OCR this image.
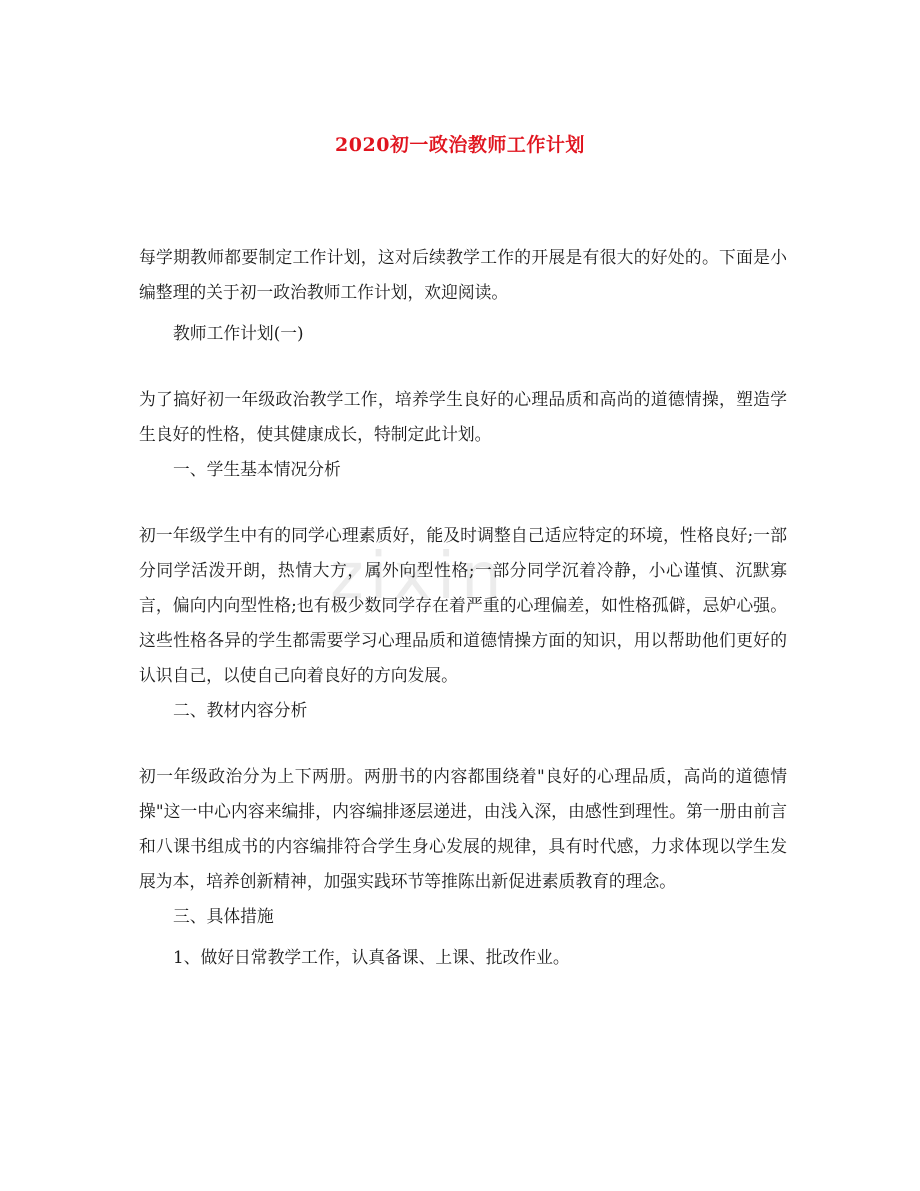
2020初一政治教师工作计划
zixin

每学期教师都要制定工作计划，这对后续教学工作的开展是有很大的好处的。下面是小编整理的关于初一政治教师工作计划，欢迎阅读。

教师工作计划(一)

为了搞好初一年级政治教学工作，培养学生良好的心理品质和高尚的道德情操，塑造学生良好的性格，使其健康成长，特制定此计划。

一、学生基本情况分析

初一年级学生中有的同学心理素质好，能及时调整自己适应特定的环境，性格良好;一部分同学活泼开朗，热情大方，属外向型性格;一部分同学沉着冷静，小心谨慎、沉默寡言，偏向内向型性格;也有极少数同学存在着严重的心理偏差，如性格孤僻，忌妒心强。这些性格各异的学生都需要学习心理品质和道德情操方面的知识，用以帮助他们更好的认识自己，以使自己向着良好的方向发展。

二、教材内容分析

初一年级政治分为上下两册。两册书的内容都围绕着"良好的心理品质，高尚的道德情操"这一中心内容来编排，内容编排逐层递进，由浅入深，由感性到理性。第一册由前言和八课书组成书的内容编排符合学生身心发展的规律，具有时代感，力求体现以学生发展为本，培养创新精神，加强实践环节等推陈出新促进素质教育的理念。

三、具体措施
1、做好日常教学工作，认真备课、上课、批改作业。
